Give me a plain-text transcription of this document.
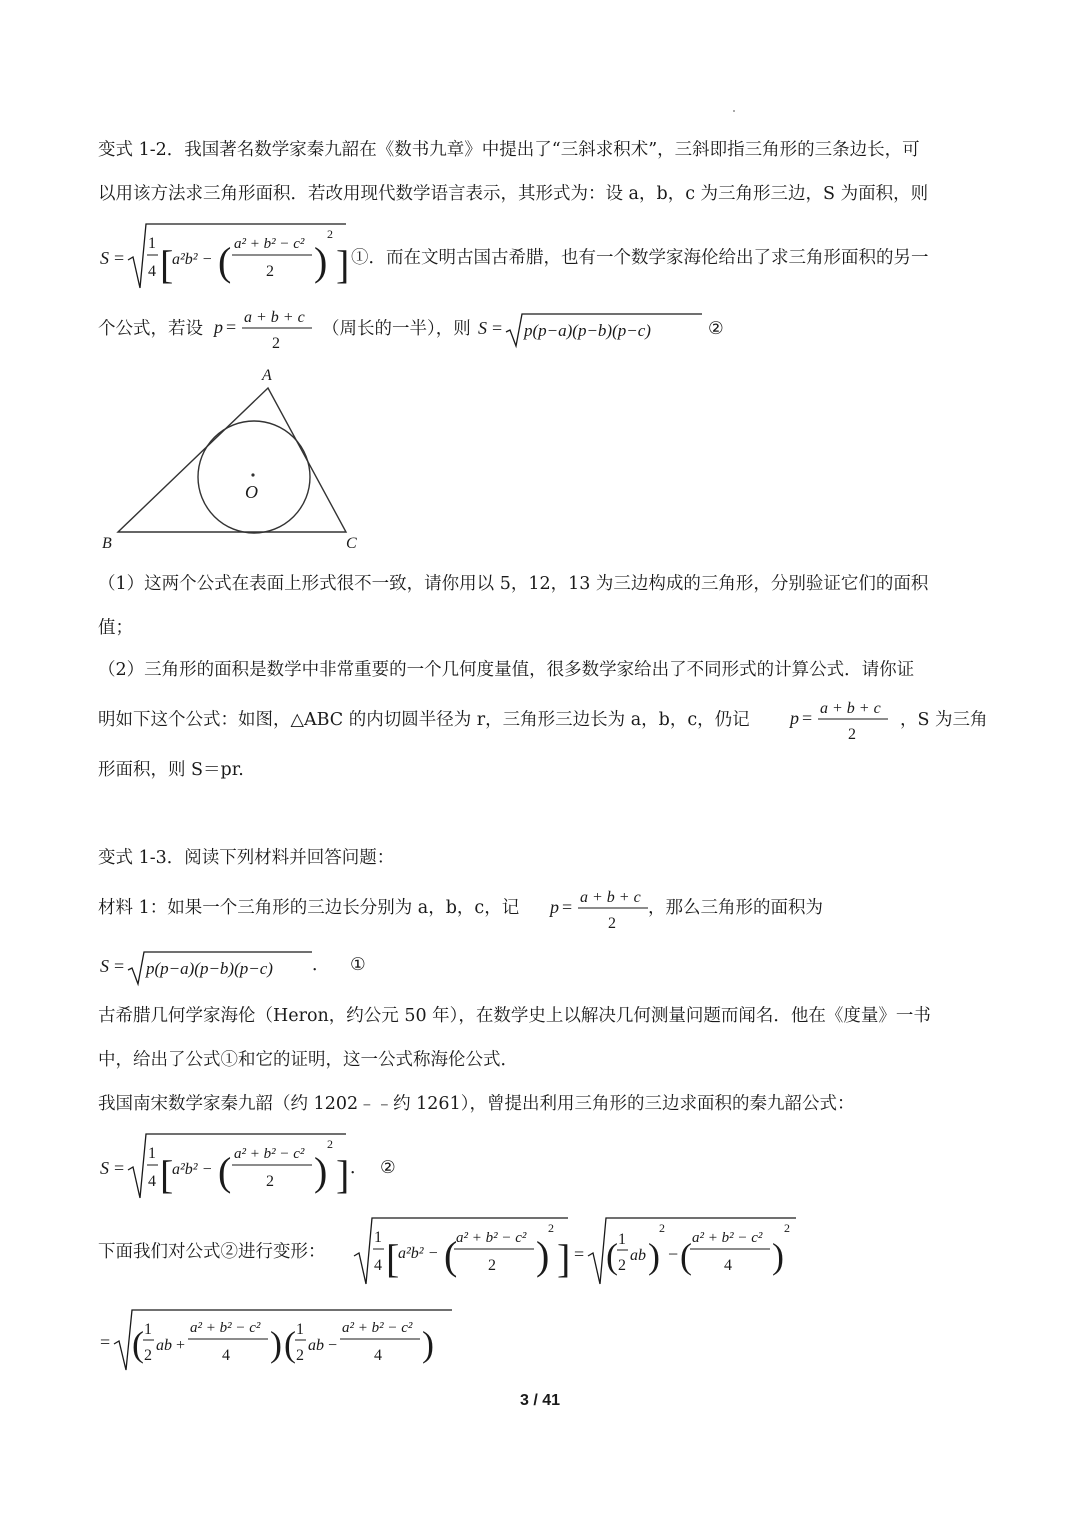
变式 1-2．我国著名数学家秦九韶在《数书九章》中提出了“三斜求积术”，三斜即指三角形的三条边长，可
以用该方法求三角形面积．若改用现代数学语言表示，其形式为：设 a，b，c 为三角形三边，S 为面积，则
S =
1
4 [
a²b² − ( a² + b² − c²
2 )
2
] ①．而在文明古国古希腊，也有一个数学家海伦给出了求三角形面积的另一
个公式，若设 p = a + b + c
2
（周长的一半），则 S = p(p−a)(p−b)(p−c)	②
A
B	C
O
（1）这两个公式在表面上形式很不一致，请你用以 5，12，13 为三边构成的三角形，分别验证它们的面积
值；
（2）三角形的面积是数学中非常重要的一个几何度量值，很多数学家给出了不同形式的计算公式．请你证
明如下这个公式：如图，△ABC 的内切圆半径为 r，三角形三边长为 a，b，c，仍记 p = a + b + c
2
，S 为三角
形面积，则 S＝pr.
变式 1-3．阅读下列材料并回答问题：
材料 1：如果一个三角形的三边长分别为 a，b，c，记 p = a + b + c
2
，那么三角形的面积为
S = p(p−a)(p−b)(p−c) ． ①
古希腊几何学家海伦（Heron，约公元 50 年），在数学史上以解决几何测量问题而闻名．他在《度量》一书
中，给出了公式①和它的证明，这一公式称海伦公式．
我国南宋数学家秦九韶（约 1202﹣﹣约 1261），曾提出利用三角形的三边求面积的秦九韶公式：
S =
1
4 [
a²b² − ( a² + b² − c²
2 )
2
] ． ②
下面我们对公式②进行变形：
1
4 [
a²b² − (
a² + b² − c²
2 )
2
] = ( 1
2
ab )
2
− ( a² + b² − c²
4 )
2
= ( 1
2
ab +
a² + b² − c²
4 ) ( 1
2
ab −
a² + b² − c²
4 )
3 / 41
